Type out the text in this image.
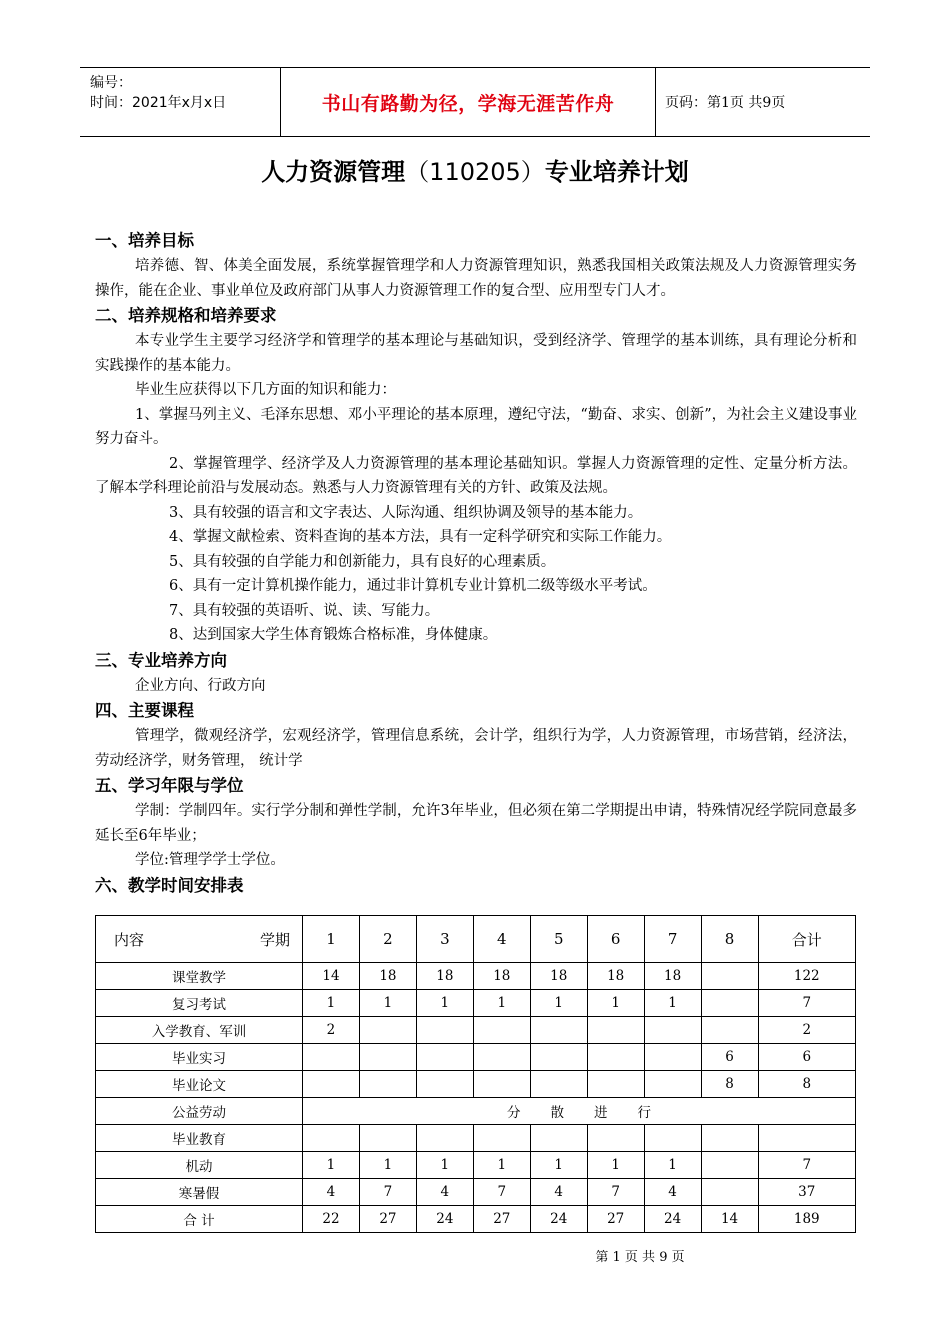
编号：
时间：2021年x月x日	书山有路勤为径，学海无涯苦作舟	页码：第1页 共9页
人力资源管理（110205）专业培养计划
一、培养目标

培养德、智、体美全面发展，系统掌握管理学和人力资源管理知识，熟悉我国相关政策法规及人力资源管理实务操作，能在企业、事业单位及政府部门从事人力资源管理工作的复合型、应用型专门人才。

二、培养规格和培养要求

本专业学生主要学习经济学和管理学的基本理论与基础知识，受到经济学、管理学的基本训练，具有理论分析和实践操作的基本能力。

毕业生应获得以下几方面的知识和能力：

1、掌握马列主义、毛泽东思想、邓小平理论的基本原理，遵纪守法，“勤奋、求实、创新”，为社会主义建设事业努力奋斗。

2、掌握管理学、经济学及人力资源管理的基本理论基础知识。掌握人力资源管理的定性、定量分析方法。了解本学科理论前沿与发展动态。熟悉与人力资源管理有关的方针、政策及法规。

3、具有较强的语言和文字表达、人际沟通、组织协调及领导的基本能力。

4、掌握文献检索、资料查询的基本方法，具有一定科学研究和实际工作能力。

5、具有较强的自学能力和创新能力，具有良好的心理素质。

6、具有一定计算机操作能力，通过非计算机专业计算机二级等级水平考试。

7、具有较强的英语听、说、读、写能力。

8、达到国家大学生体育锻炼合格标准，身体健康。

三、专业培养方向

企业方向、行政方向

四、主要课程

管理学，微观经济学，宏观经济学，管理信息系统，会计学，组织行为学，人力资源管理，市场营销，经济法，劳动经济学，财务管理， 统计学

五、学习年限与学位

学制：学制四年。实行学分制和弹性学制，允许3年毕业，但必须在第二学期提出申请，特殊情况经学院同意最多延长至6年毕业；

学位:管理学学士学位。

六、教学时间安排表
内容 学期	1	2	3	4	5	6	7	8	合计
课堂教学	14	18	18	18	18	18	18		122
复习考试	1	1	1	1	1	1	1		7
入学教育、军训	2								2
毕业实习								6	6
毕业论文								8	8
公益劳动	分散进行								
毕业教育									
机动	1	1	1	1	1	1	1		7
寒暑假	4	7	4	7	4	7	4		37
合 计	22	27	24	27	24	27	24	14	189
第 1 页 共 9 页
